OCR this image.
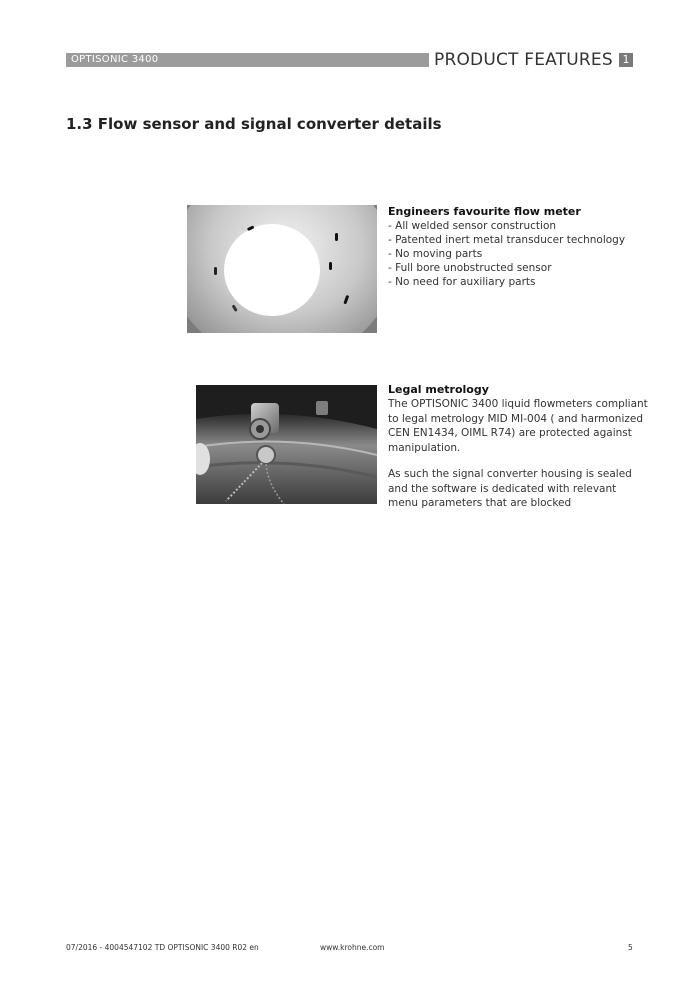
OPTISONIC 3400	PRODUCT FEATURES 1
1.3 Flow sensor and signal converter details
Engineers favourite flow meter
- All welded sensor construction
- Patented inert metal transducer technology
- No moving parts
- Full bore unobstructed sensor
- No need for auxiliary parts
Legal metrology

The OPTISONIC 3400 liquid flowmeters compliant to legal metrology MID MI-004 ( and harmonized CEN EN1434, OIML R74) are protected against manipulation.

As such the signal converter housing is sealed and the software is dedicated with relevant menu parameters that are blocked

07/2016 - 4004547102 TD OPTISONIC 3400 R02 en	www.krohne.com	5
